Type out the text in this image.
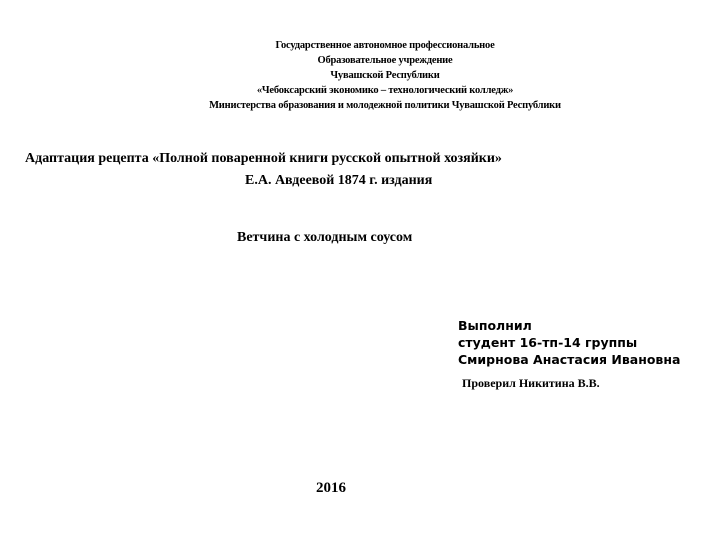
Государственное автономное профессиональное
Образовательное учреждение
Чувашской Республики
«Чебоксарский экономико – технологический колледж»
Министерства образования и молодежной политики Чувашской Республики
Адаптация рецепта «Полной поваренной книги русской опытной хозяйки»
Е.А. Авдеевой 1874 г. издания
Ветчина с холодным соусом
Выполнил
студент 16-тп-14 группы
Смирнова Анастасия Ивановна
Проверил Никитина В.В.
2016
